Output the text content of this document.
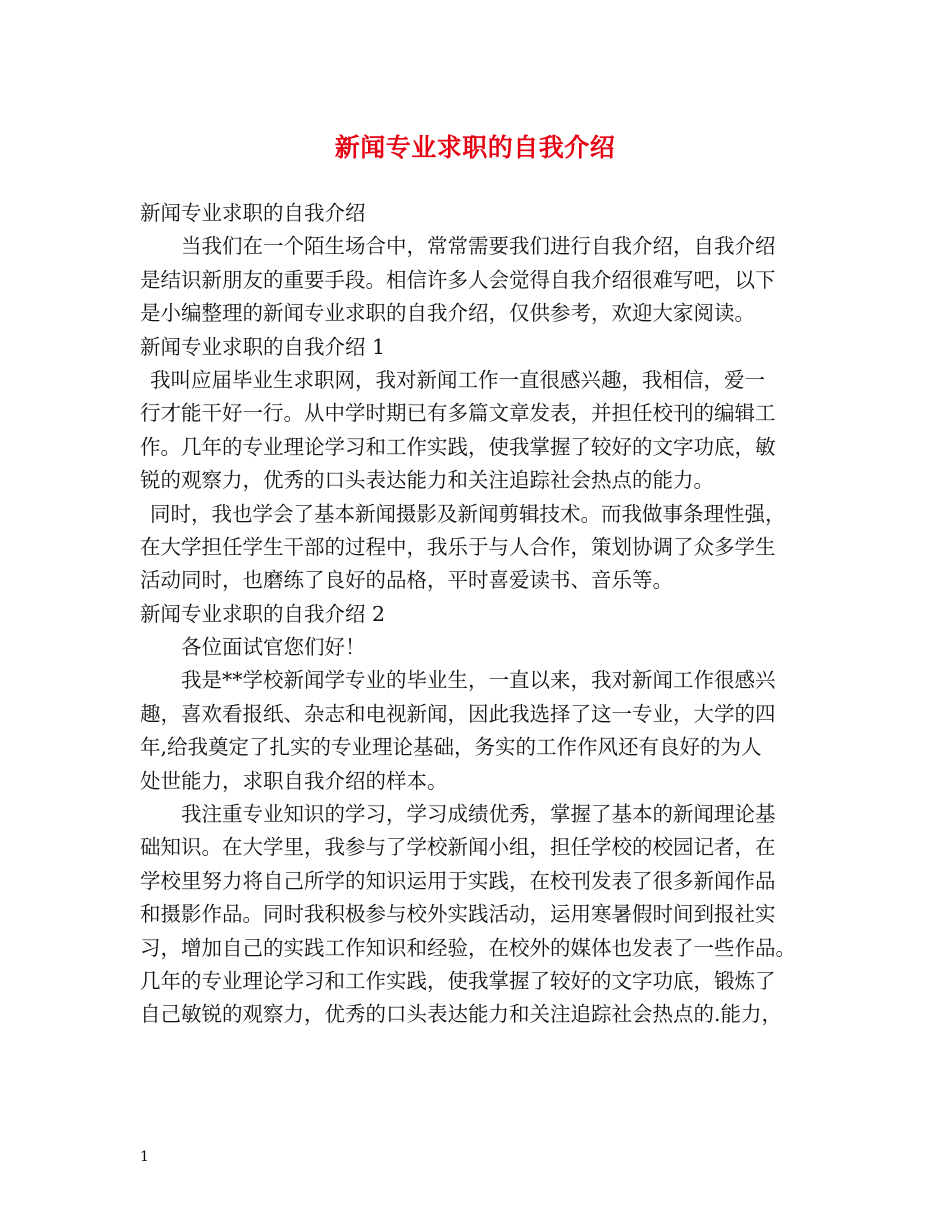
新闻专业求职的自我介绍
新闻专业求职的自我介绍
当我们在一个陌生场合中，常常需要我们进行自我介绍，自我介绍
是结识新朋友的重要手段。相信许多人会觉得自我介绍很难写吧，以下
是小编整理的新闻专业求职的自我介绍，仅供参考，欢迎大家阅读。
新闻专业求职的自我介绍 1
我叫应届毕业生求职网，我对新闻工作一直很感兴趣，我相信，爱一
行才能干好一行。从中学时期已有多篇文章发表，并担任校刊的编辑工
作。几年的专业理论学习和工作实践，使我掌握了较好的文字功底，敏
锐的观察力，优秀的口头表达能力和关注追踪社会热点的能力。
同时，我也学会了基本新闻摄影及新闻剪辑技术。而我做事条理性强，
在大学担任学生干部的过程中，我乐于与人合作，策划协调了众多学生
活动同时，也磨练了良好的品格，平时喜爱读书、音乐等。
新闻专业求职的自我介绍 2
各位面试官您们好！
我是**学校新闻学专业的毕业生，一直以来，我对新闻工作很感兴
趣，喜欢看报纸、杂志和电视新闻，因此我选择了这一专业，大学的四
年,给我奠定了扎实的专业理论基础，务实的工作作风还有良好的为人
处世能力，求职自我介绍的样本。
我注重专业知识的学习，学习成绩优秀，掌握了基本的新闻理论基
础知识。在大学里，我参与了学校新闻小组，担任学校的校园记者，在
学校里努力将自己所学的知识运用于实践，在校刊发表了很多新闻作品
和摄影作品。同时我积极参与校外实践活动，运用寒暑假时间到报社实
习，增加自己的实践工作知识和经验，在校外的媒体也发表了一些作品。
几年的专业理论学习和工作实践，使我掌握了较好的文字功底，锻炼了
自己敏锐的观察力，优秀的口头表达能力和关注追踪社会热点的.能力，
1
